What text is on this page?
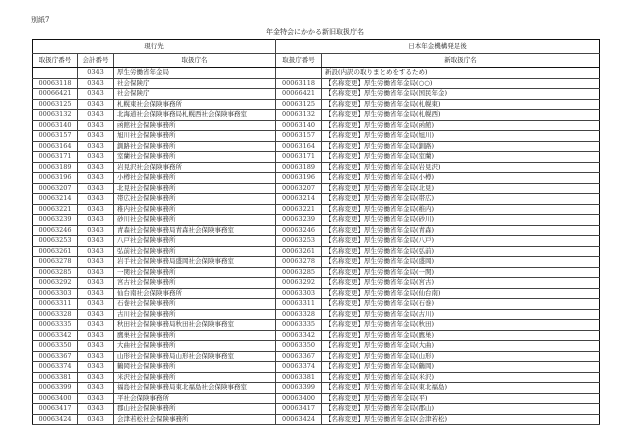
別紙7
年金特会にかかる新旧取扱庁名
現行先			日本年金機構発足後	
取扱庁番号	会計番号	取扱庁名	取扱庁番号	新取扱庁名
	0343	厚生労働省年金局		新設(内訳の取りまとめをするため)
00063118	0343	社会保険庁	00063118	【名称変更】厚生労働省年金局(○○)
00066421	0343	社会保険庁	00066421	【名称変更】厚生労働省年金局(国民年金)
00063125	0343	札幌東社会保険事務所	00063125	【名称変更】厚生労働省年金局(札幌東)
00063132	0343	北海道社会保険事務局札幌西社会保険事務室	00063132	【名称変更】厚生労働省年金局(札幌西)
00063140	0343	函館社会保険事務所	00063140	【名称変更】厚生労働省年金局(函館)
00063157	0343	旭川社会保険事務所	00063157	【名称変更】厚生労働省年金局(旭川)
00063164	0343	釧路社会保険事務所	00063164	【名称変更】厚生労働省年金局(釧路)
00063171	0343	室蘭社会保険事務所	00063171	【名称変更】厚生労働省年金局(室蘭)
00063189	0343	岩見沢社会保険事務所	00063189	【名称変更】厚生労働省年金局(岩見沢)
00063196	0343	小樽社会保険事務所	00063196	【名称変更】厚生労働省年金局(小樽)
00063207	0343	北見社会保険事務所	00063207	【名称変更】厚生労働省年金局(北見)
00063214	0343	帯広社会保険事務所	00063214	【名称変更】厚生労働省年金局(帯広)
00063221	0343	稚内社会保険事務所	00063221	【名称変更】厚生労働省年金局(稚内)
00063239	0343	砂川社会保険事務所	00063239	【名称変更】厚生労働省年金局(砂川)
00063246	0343	青森社会保険事務局青森社会保険事務室	00063246	【名称変更】厚生労働省年金局(青森)
00063253	0343	八戸社会保険事務所	00063253	【名称変更】厚生労働省年金局(八戸)
00063261	0343	弘前社会保険事務所	00063261	【名称変更】厚生労働省年金局(弘前)
00063278	0343	岩手社会保険事務局盛岡社会保険事務室	00063278	【名称変更】厚生労働省年金局(盛岡)
00063285	0343	一関社会保険事務所	00063285	【名称変更】厚生労働省年金局(一関)
00063292	0343	宮古社会保険事務所	00063292	【名称変更】厚生労働省年金局(宮古)
00063303	0343	仙台南社会保険事務所	00063303	【名称変更】厚生労働省年金局(仙台南)
00063311	0343	石巻社会保険事務所	00063311	【名称変更】厚生労働省年金局(石巻)
00063328	0343	古川社会保険事務所	00063328	【名称変更】厚生労働省年金局(古川)
00063335	0343	秋田社会保険事務局秋田社会保険事務室	00063335	【名称変更】厚生労働省年金局(秋田)
00063342	0343	鷹巣社会保険事務所	00063342	【名称変更】厚生労働省年金局(鷹巣)
00063350	0343	大曲社会保険事務所	00063350	【名称変更】厚生労働省年金局(大曲)
00063367	0343	山形社会保険事務局山形社会保険事務室	00063367	【名称変更】厚生労働省年金局(山形)
00063374	0343	鶴岡社会保険事務所	00063374	【名称変更】厚生労働省年金局(鶴岡)
00063381	0343	米沢社会保険事務所	00063381	【名称変更】厚生労働省年金局(米沢)
00063399	0343	福島社会保険事務局東北福島社会保険事務室	00063399	【名称変更】厚生労働省年金局(東北福島)
00063400	0343	平社会保険事務所	00063400	【名称変更】厚生労働省年金局(平)
00063417	0343	郡山社会保険事務所	00063417	【名称変更】厚生労働省年金局(郡山)
00063424	0343	会津若松社会保険事務所	00063424	【名称変更】厚生労働省年金局(会津若松)
